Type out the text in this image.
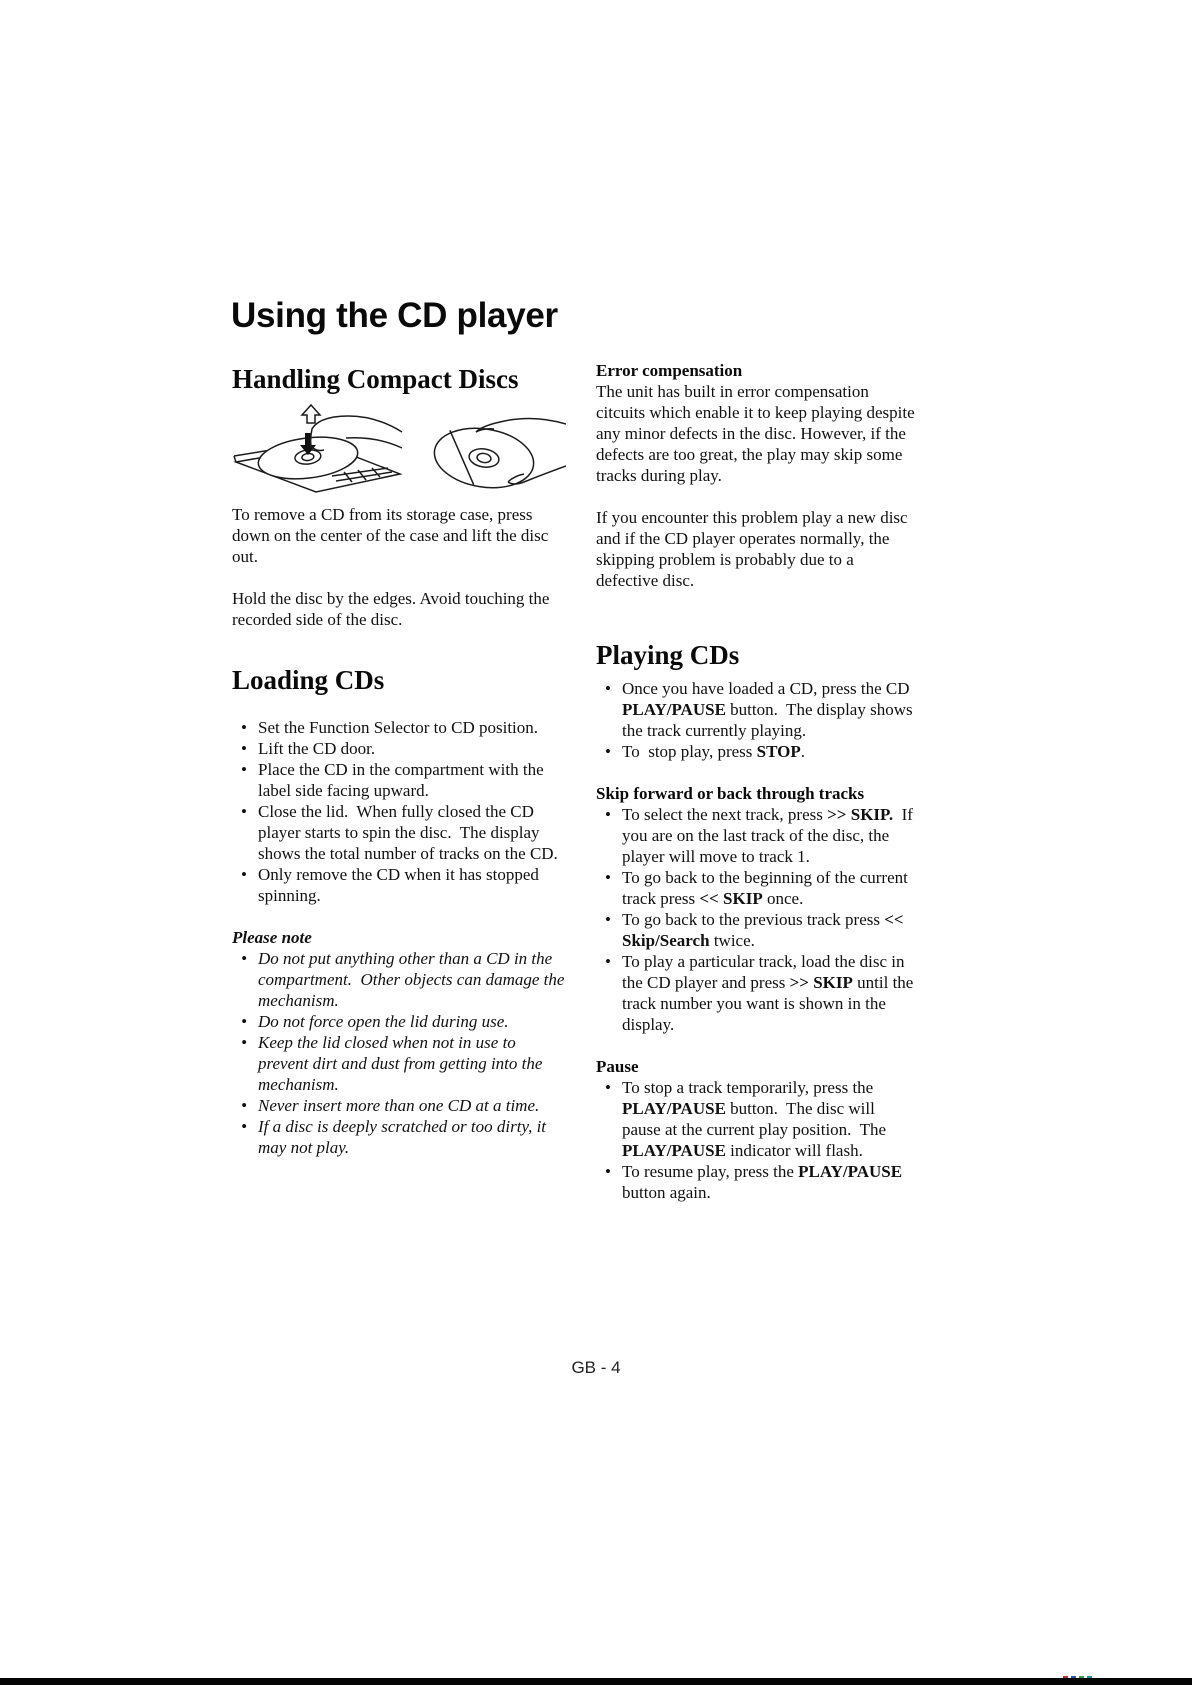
Using the CD player
Handling Compact Discs

To remove a CD from its storage case, press down on the center of the case and lift the disc out.

Hold the disc by the edges. Avoid touching the recorded side of the disc.

Loading CDs
• Set the Function Selector to CD position.
• Lift the CD door.
• Place the CD in the compartment with the label side facing upward.
• Close the lid.  When fully closed the CD player starts to spin the disc.  The display shows the total number of tracks on the CD.
• Only remove the CD when it has stopped spinning.
Please note
• Do not put anything other than a CD in the compartment.  Other objects can damage the mechanism.
• Do not force open the lid during use.
• Keep the lid closed when not in use to prevent dirt and dust from getting into the mechanism.
• Never insert more than one CD at a time.
• If a disc is deeply scratched or too dirty, it may not play.
Error compensation

The unit has built in error compensation citcuits which enable it to keep playing despite any minor defects in the disc. However, if the defects are too great, the play may skip some tracks during play.

If you encounter this problem play a new disc and if the CD player operates normally, the skipping problem is probably due to a defective disc.

Playing CDs
• Once you have loaded a CD, press the CD PLAY/PAUSE button.  The display shows the track currently playing.
• To  stop play, press STOP.
Skip forward or back through tracks
• To select the next track, press >> SKIP.  If you are on the last track of the disc, the player will move to track 1.
• To go back to the beginning of the current track press << SKIP once.
• To go back to the previous track press << Skip/Search twice.
• To play a particular track, load the disc in the CD player and press >> SKIP until the track number you want is shown in the display.
Pause
• To stop a track temporarily, press the PLAY/PAUSE button.  The disc will pause at the current play position.  The PLAY/PAUSE indicator will flash.
• To resume play, press the PLAY/PAUSE button again.
GB - 4
